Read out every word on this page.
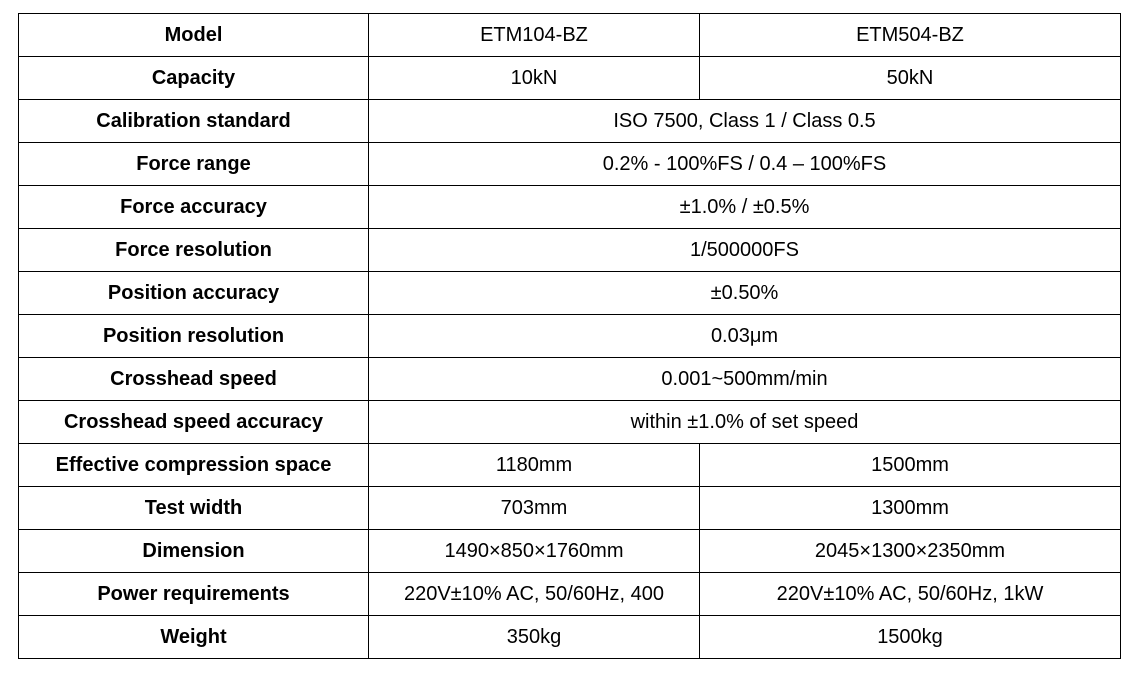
Model	ETM104-BZ	ETM504-BZ
Capacity	10kN	50kN
Calibration standard	ISO 7500, Class 1 / Class 0.5	
Force range	0.2% - 100%FS / 0.4 – 100%FS	
Force accuracy	±1.0% / ±0.5%	
Force resolution	1/500000FS	
Position accuracy	±0.50%	
Position resolution	0.03μm	
Crosshead speed	0.001~500mm/min	
Crosshead speed accuracy	within ±1.0% of set speed	
Effective compression space	1180mm	1500mm
Test width	703mm	1300mm
Dimension	1490×850×1760mm	2045×1300×2350mm
Power requirements	220V±10% AC, 50/60Hz, 400	220V±10% AC, 50/60Hz, 1kW
Weight	350kg	1500kg
